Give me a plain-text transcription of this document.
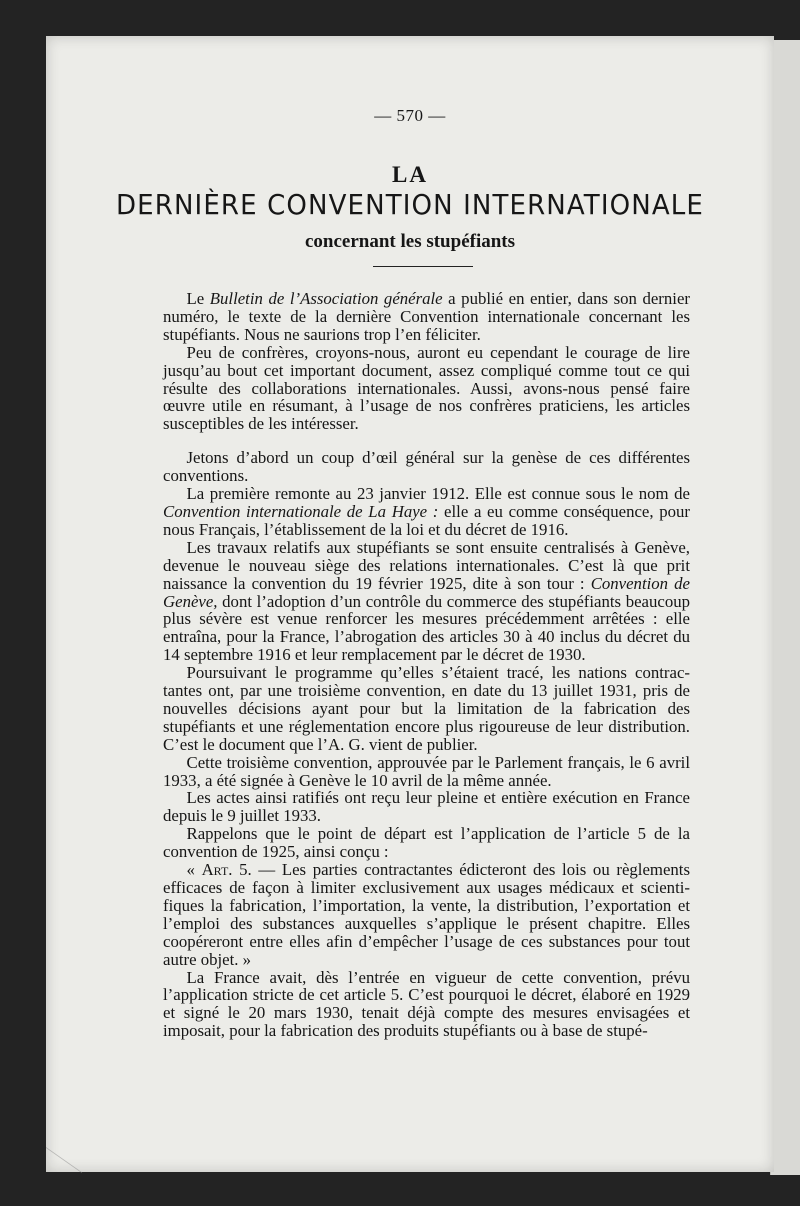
— 570 —
LA
DERNIÈRE CONVENTION INTERNATIONALE
concernant les stupéfiants

Le Bulletin de l’Association générale a publié en entier, dans son dernier numéro, le texte de la dernière Convention internationale concernant les stupéfiants. Nous ne saurions trop l’en féliciter.

Peu de confrères, croyons-nous, auront eu cependant le courage de lire jusqu’au bout cet important document, assez compliqué comme tout ce qui résulte des collaborations internationales. Aussi, avons-nous pensé faire œuvre utile en résumant, à l’usage de nos confrères praticiens, les articles susceptibles de les intéresser.

Jetons d’abord un coup d’œil général sur la genèse de ces différentes conventions.

La première remonte au 23 janvier 1912. Elle est connue sous le nom de Convention internationale de La Haye : elle a eu comme conséquence, pour nous Français, l’établissement de la loi et du décret de 1916.

Les travaux relatifs aux stupéfiants se sont ensuite centralisés à Genève, devenue le nouveau siège des relations internationales. C’est là que prit naissance la convention du 19 février 1925, dite à son tour : Convention de Genève, dont l’adoption d’un contrôle du commerce des stupéfiants beaucoup plus sévère est venue renforcer les mesures précédemment arrêtées : elle entraîna, pour la France, l’abrogation des articles 30 à 40 inclus du décret du 14 septembre 1916 et leur remplacement par le décret de 1930.

Poursuivant le programme qu’elles s’étaient tracé, les nations contractantes ont, par une troisième convention, en date du 13 juillet 1931, pris de nouvelles décisions ayant pour but la limitation de la fabrication des stupéfiants et une réglementation encore plus rigoureuse de leur distribution. C’est le document que l’A. G. vient de publier.

Cette troisième convention, approuvée par le Parlement français, le 6 avril 1933, a été signée à Genève le 10 avril de la même année.

Les actes ainsi ratifiés ont reçu leur pleine et entière exécution en France depuis le 9 juillet 1933.

Rappelons que le point de départ est l’application de l’article 5 de la convention de 1925, ainsi conçu :

« Art. 5. — Les parties contractantes édicteront des lois ou règlements efficaces de façon à limiter exclusivement aux usages médicaux et scientifiques la fabrication, l’importation, la vente, la distribution, l’exportation et l’emploi des substances auxquelles s’applique le présent chapitre. Elles coopéreront entre elles afin d’empêcher l’usage de ces substances pour tout autre objet. »

La France avait, dès l’entrée en vigueur de cette convention, prévu l’application stricte de cet article 5. C’est pourquoi le décret, élaboré en 1929 et signé le 20 mars 1930, tenait déjà compte des mesures envisagées et imposait, pour la fabrication des produits stupéfiants ou à base de stupé-
